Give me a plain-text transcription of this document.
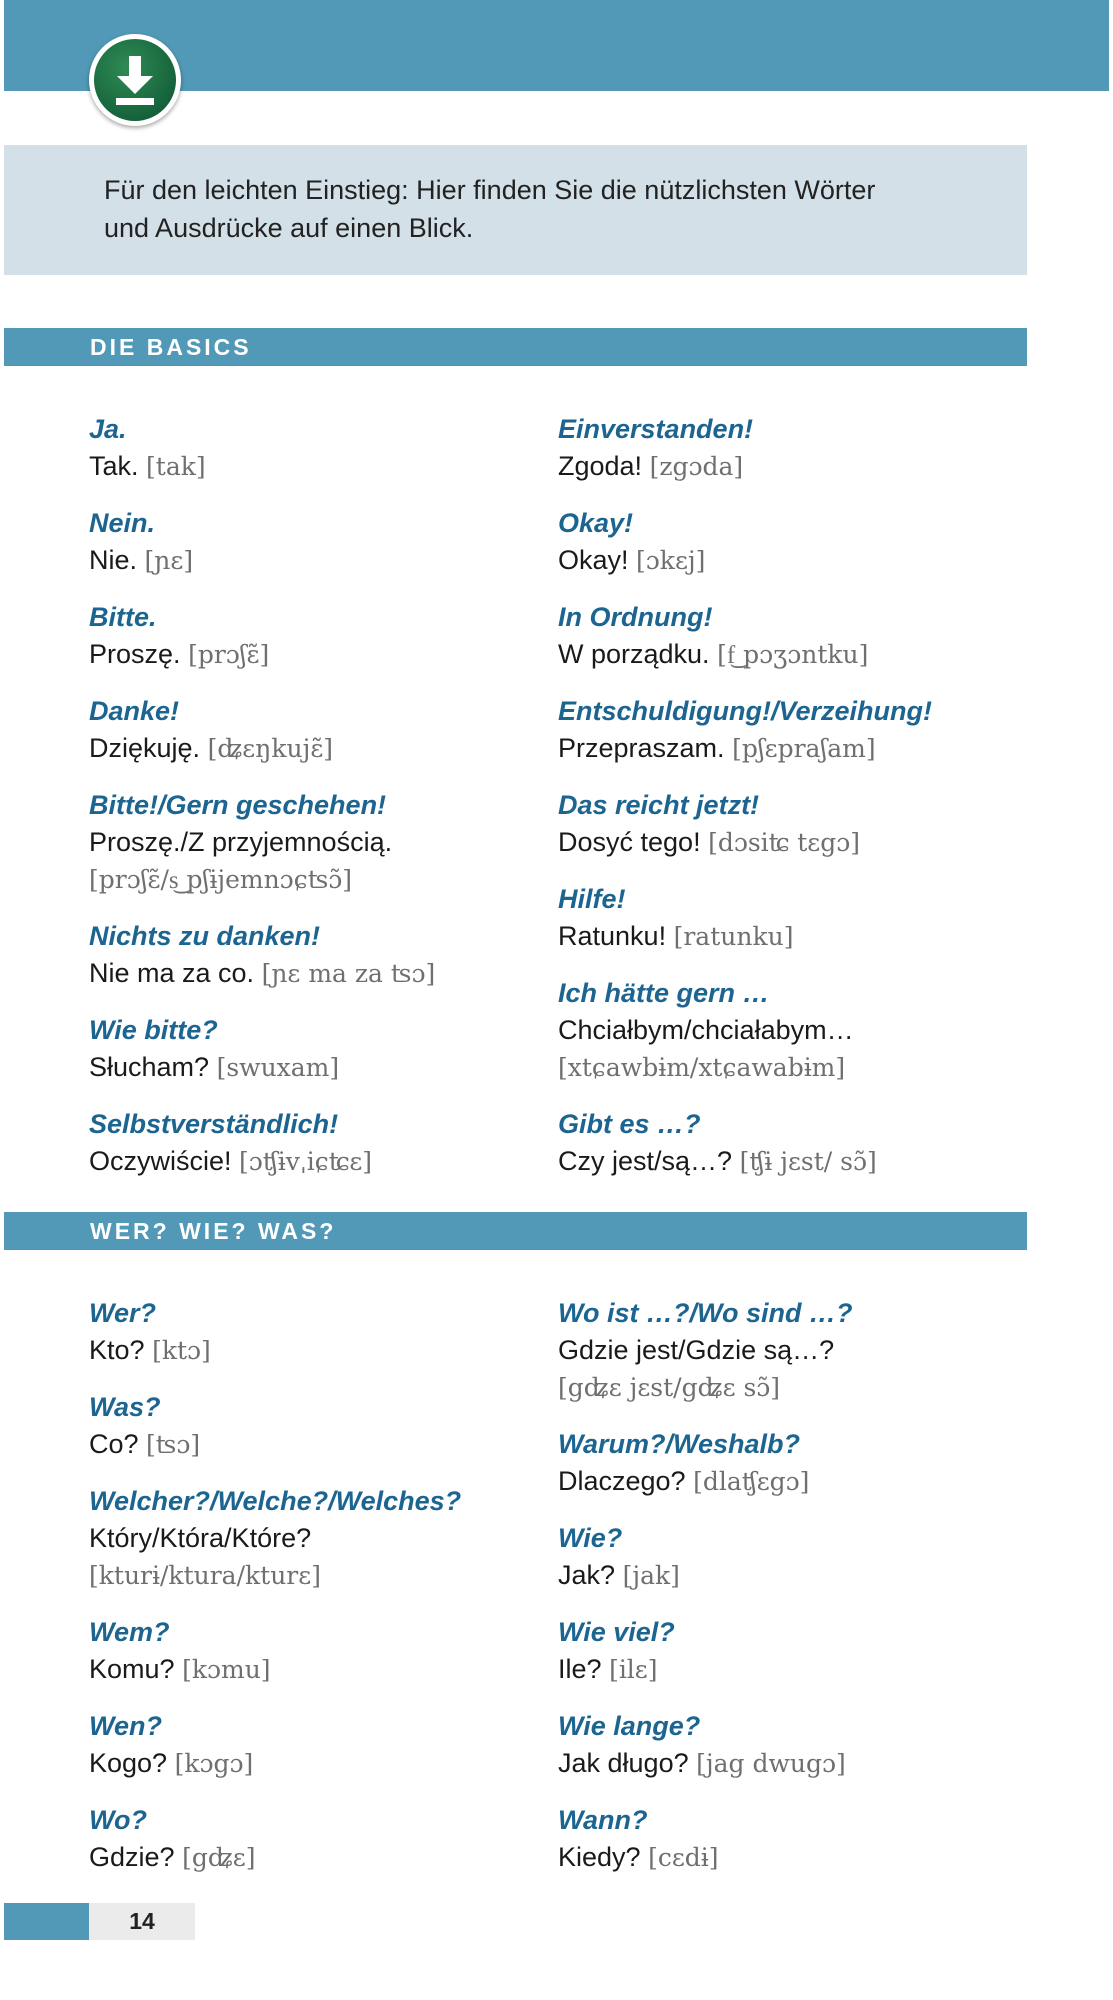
Für den leichten Einstieg: Hier finden Sie die nützlichsten Wörter
und Ausdrücke auf einen Blick.
DIE BASICS
Ja.
Tak. [tak]
Nein.
Nie. [ɲɛ]
Bitte.
Proszę. [prɔʃɛ̃]
Danke!
Dziękuję. [ʥɛŋkujɛ̃]
Bitte!/Gern geschehen!
Proszę./Z przyjemnością.
[prɔʃɛ̃/s͜ pʃɨjemnɔɕʦɔ̃]
Nichts zu danken!
Nie ma za co. [ɲɛ ma za ʦɔ]
Wie bitte?
Słucham? [swuxam]
Selbstverständlich!
Oczywiście! [ɔʧɨvˌiɕʨɛ]
Einverstanden!
Zgoda! [zgɔda]
Okay!
Okay! [ɔkɛj]
In Ordnung!
W porządku. [f͜ pɔʒɔntku]
Entschuldigung!/Verzeihung!
Przepraszam. [pʃɛpraʃam]
Das reicht jetzt!
Dosyć tego! [dɔsiʨ tɛgɔ]
Hilfe!
Ratunku! [ratunku]
Ich hätte gern …
Chciałbym/chciałabym…
[xtɕawbɨm/xtɕawabɨm]
Gibt es …?
Czy jest/są…? [ʧɨ jɛst/ sɔ̃]
WER? WIE? WAS?
Wer?
Kto? [ktɔ]
Was?
Co? [ʦɔ]
Welcher?/Welche?/Welches?
Który/Która/Które?
[kturɨ/ktura/kturɛ]
Wem?
Komu? [kɔmu]
Wen?
Kogo? [kɔgɔ]
Wo?
Gdzie? [gʥɛ]
Wo ist …?/Wo sind …?
Gdzie jest/Gdzie są…?
[gʥɛ jɛst/gʥɛ sɔ̃]
Warum?/Weshalb?
Dlaczego? [dlaʧɛgɔ]
Wie?
Jak? [jak]
Wie viel?
Ile? [ilɛ]
Wie lange?
Jak długo? [jag dwugɔ]
Wann?
Kiedy? [cɛdɨ]
14
